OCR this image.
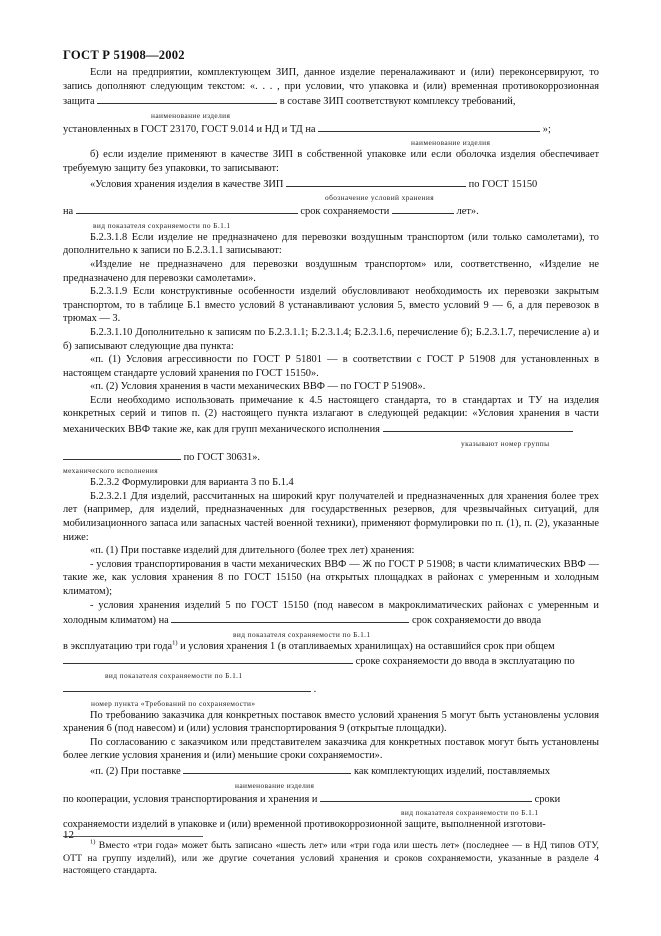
ГОСТ Р 51908—2002

Если на предприятии, комплектующем ЗИП, данное изделие переналаживают и (или) переконсервируют, то запись дополняют следующим текстом: «. . . , при условии, что упаковка и (или) временная противокоррозионная защита	в составе ЗИП соответствуют комплексу требований,

наименование изделия

установленных в ГОСТ 23170, ГОСТ 9.014 и НД и ТД на	»;

наименование изделия

б) если изделие применяют в качестве ЗИП в собственной упаковке или если оболочка изделия обеспечивает требуемую защиту без упаковки, то записывают:

«Условия хранения изделия в качестве ЗИП	по ГОСТ 15150

обозначение условий хранения

на	срок сохраняемости	лет».

вид показателя сохраняемости по Б.1.1

Б.2.3.1.8 Если изделие не предназначено для перевозки воздушным транспортом (или только самолетами), то дополнительно к записи по Б.2.3.1.1 записывают:

«Изделие не предназначено для перевозки воздушным транспортом» или, соответственно, «Изделие не предназначено для перевозки самолетами».

Б.2.3.1.9 Если конструктивные особенности изделий обусловливают необходимость их перевозки закрытым транспортом, то в таблице Б.1 вместо условий 8 устанавливают условия 5, вместо условий 9 — 6, а для перевозок в трюмах — 3.

Б.2.3.1.10 Дополнительно к записям по Б.2.3.1.1; Б.2.3.1.4; Б.2.3.1.6, перечисление б); Б.2.3.1.7, перечисление а) и б) записывают следующие два пункта:

«п. (1) Условия агрессивности по ГОСТ Р 51801 — в соответствии с ГОСТ Р 51908 для установленных в настоящем стандарте условий хранения по ГОСТ 15150».

«п. (2) Условия хранения в части механических ВВФ — по ГОСТ Р 51908».

Если необходимо использовать примечание к 4.5 настоящего стандарта, то в стандартах и ТУ на изделия конкретных серий и типов п. (2) настоящего пункта излагают в следующей редакции: «Условия хранения в части механических ВВФ такие же, как для групп механического исполнения

указывают номер группы

по ГОСТ 30631».

механического исполнения

Б.2.3.2 Формулировки для варианта 3 по Б.1.4

Б.2.3.2.1 Для изделий, рассчитанных на широкий круг получателей и предназначенных для хранения более трех лет (например, для изделий, предназначенных для государственных резервов, для чрезвычайных ситуаций, для мобилизационного запаса или запасных частей военной техники), применяют формулировки по п. (1), п. (2), указанные ниже:

«п. (1) При поставке изделий для длительного (более трех лет) хранения:

- условия транспортирования в части механических ВВФ — Ж по ГОСТ Р 51908; в части климатических ВВФ — такие же, как условия хранения 8 по ГОСТ 15150 (на открытых площадках в районах с умеренным и холодным климатом);

- условия хранения изделий 5 по ГОСТ 15150 (под навесом в макроклиматических районах с умеренным и холодным климатом) на	срок сохраняемости до ввода

вид показателя сохраняемости по Б.1.1

в эксплуатацию три года$^{1)}$ и условия хранения 1 (в отапливаемых хранилищах) на оставшийся срок при общем

сроке сохраняемости до ввода в эксплуатацию по

вид показателя сохраняемости по Б.1.1

.

номер пункта «Требований по сохраняемости»

По требованию заказчика для конкретных поставок вместо условий хранения 5 могут быть установлены условия хранения 6 (под навесом) и (или) условия транспортирования 9 (открытые площадки).

По согласованию с заказчиком или представителем заказчика для конкретных поставок могут быть установлены более легкие условия хранения и (или) меньшие сроки сохраняемости».

«п. (2) При поставке	как комплектующих изделий, поставляемых

наименование изделия

по кооперации, условия транспортирования и хранения и	сроки

вид показателя сохраняемости по Б.1.1

сохраняемости изделий в упаковке и (или) временной противокоррозионной защите, выполненной изготови-

$^{1)}$ Вместо «три года» может быть записано «шесть лет» или «три года или шесть лет» (последнее — в НД типов ОТУ, ОТТ на группу изделий), или же другие сочетания условий хранения и сроков сохраняемости, указанные в разделе 4 настоящего стандарта.

12
